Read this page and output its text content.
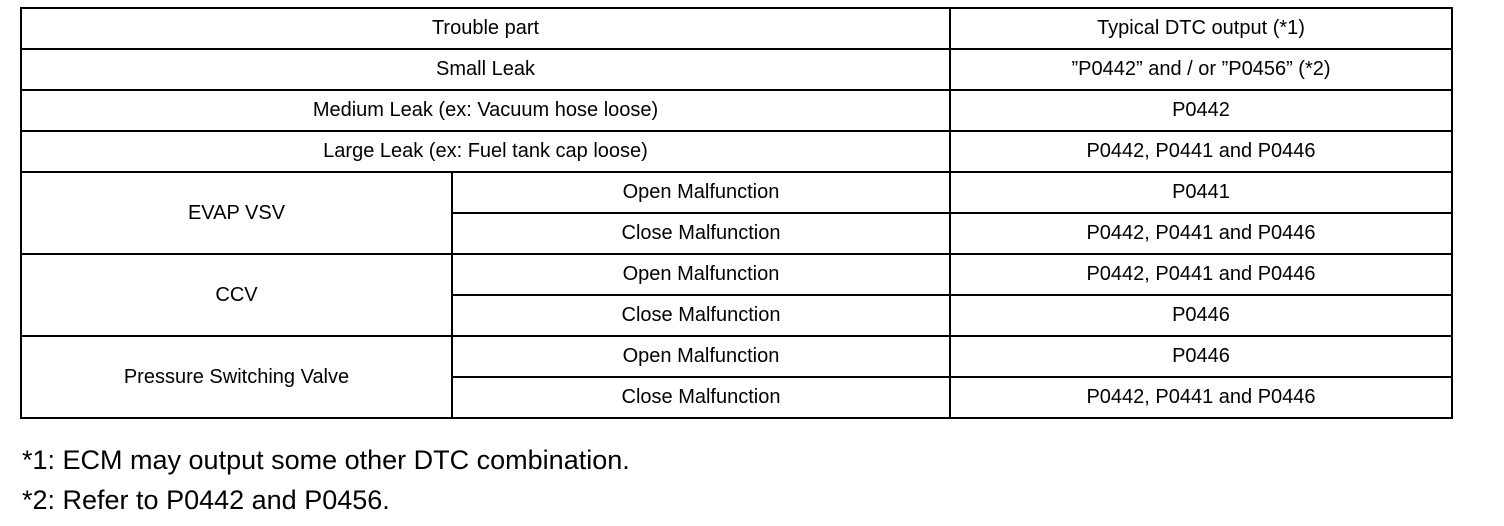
Trouble part		Typical DTC output (*1)
Small Leak		”P0442” and / or ”P0456” (*2)
Medium Leak (ex: Vacuum hose loose)		P0442
Large Leak (ex: Fuel tank cap loose)		P0442, P0441 and P0446
EVAP VSV	Open Malfunction	P0441
	Close Malfunction	P0442, P0441 and P0446
CCV	Open Malfunction	P0442, P0441 and P0446
	Close Malfunction	P0446
Pressure Switching Valve	Open Malfunction	P0446
	Close Malfunction	P0442, P0441 and P0446
*1: ECM may output some other DTC combination.
*2: Refer to P0442 and P0456.
